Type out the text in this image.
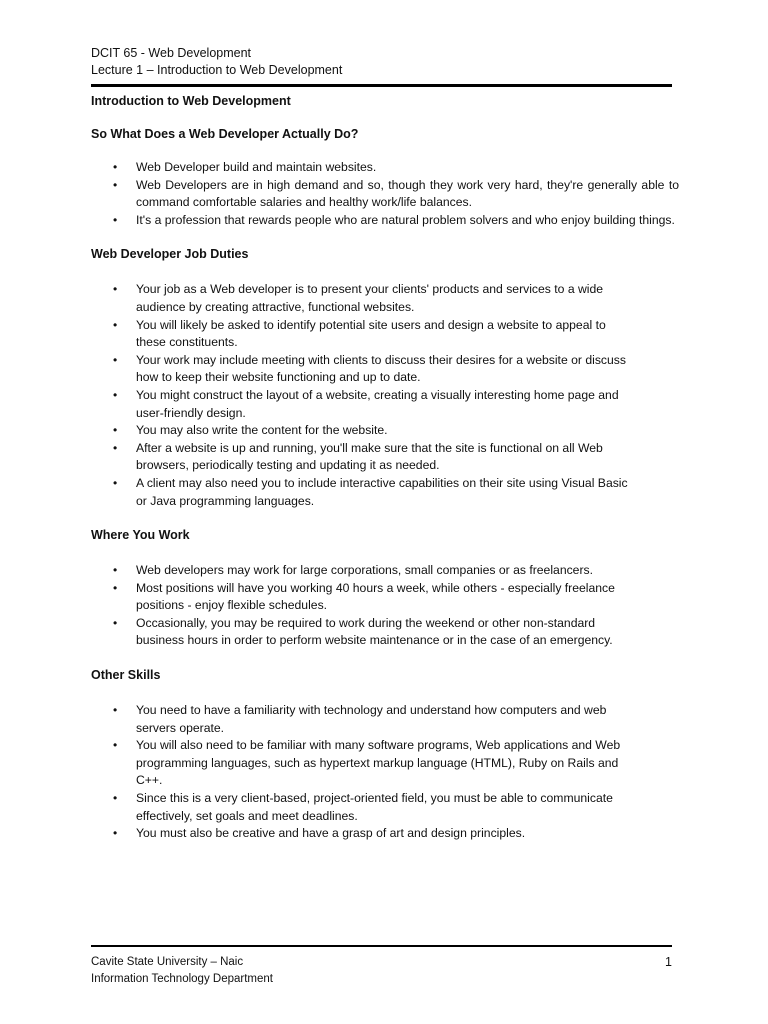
DCIT 65 - Web Development
Lecture 1 – Introduction to Web Development

Introduction to Web Development

So What Does a Web Developer Actually Do?

• Web Developer build and maintain websites.
• Web Developers are in high demand and so, though they work very hard, they're generally able to command comfortable salaries and healthy work/life balances.
• It's a profession that rewards people who are natural problem solvers and who enjoy building things.

Web Developer Job Duties

• Your job as a Web developer is to present your clients' products and services to a wide audience by creating attractive, functional websites.
• You will likely be asked to identify potential site users and design a website to appeal to these constituents.
• Your work may include meeting with clients to discuss their desires for a website or discuss how to keep their website functioning and up to date.
• You might construct the layout of a website, creating a visually interesting home page and user-friendly design.
• You may also write the content for the website.
• After a website is up and running, you'll make sure that the site is functional on all Web browsers, periodically testing and updating it as needed.
• A client may also need you to include interactive capabilities on their site using Visual Basic or Java programming languages.

Where You Work

• Web developers may work for large corporations, small companies or as freelancers.
• Most positions will have you working 40 hours a week, while others - especially freelance positions - enjoy flexible schedules.
• Occasionally, you may be required to work during the weekend or other non-standard business hours in order to perform website maintenance or in the case of an emergency.

Other Skills

• You need to have a familiarity with technology and understand how computers and web servers operate.
• You will also need to be familiar with many software programs, Web applications and Web programming languages, such as hypertext markup language (HTML), Ruby on Rails and C++.
• Since this is a very client-based, project-oriented field, you must be able to communicate effectively, set goals and meet deadlines.
• You must also be creative and have a grasp of art and design principles.
Cavite State University – Naic
Information Technology Department
1
